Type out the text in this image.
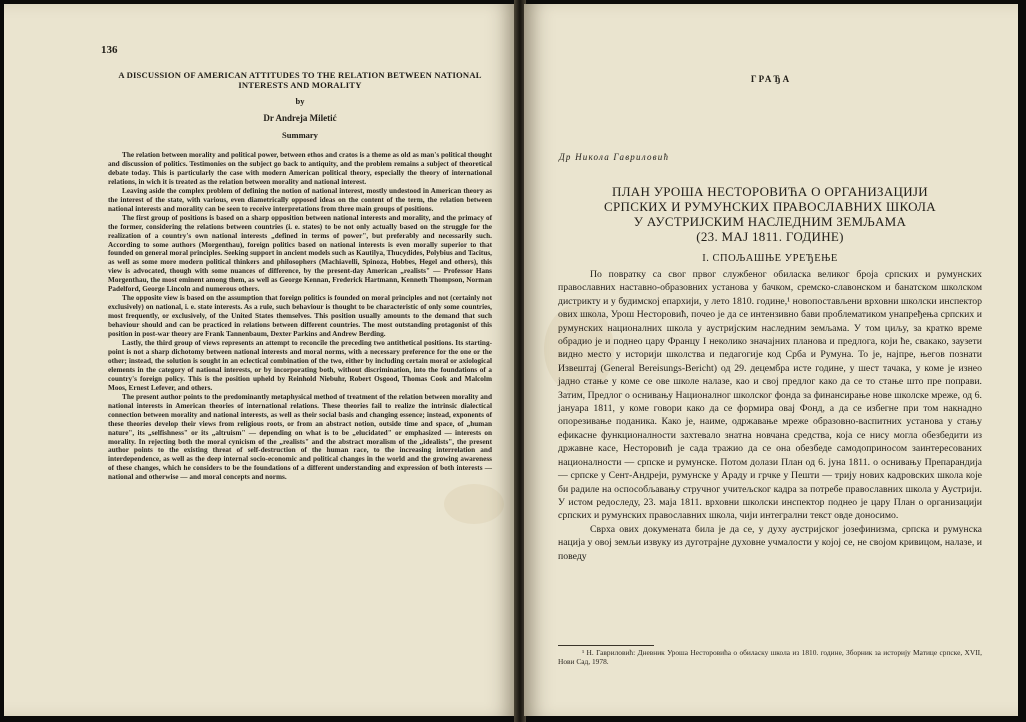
136
A DISCUSSION OF AMERICAN ATTITUDES TO THE RELATION BETWEEN NATIONAL INTERESTS AND MORALITY
by
Dr Andreja Miletić
Summary

The relation between morality and political power, between ethos and cratos is a theme as old as man's political thought and discussion of politics. Testimonies on the subject go back to antiquity, and the problem remains a subject of theoretical debate today. This is particularly the case with modern American political theory, especially the theory of international relations, in wich it is treated as the relation between morality and national interest.

Leaving aside the complex problem of defining the notion of national interest, mostly undestood in American theory as the interest of the state, with various, even diametrically opposed ideas on the content of the term, the relation between national interests and morality can be seen to receive interpretations from three main groups of positions.

The first group of positions is based on a sharp opposition between national interests and morality, and the primacy of the former, considering the relations between countries (i. e. states) to be not only actually based on the struggle for the realization of a country's own national interests „defined in terms of power", but preferably and necessarily such. According to some authors (Morgenthau), foreign politics based on national interests is even morally superior to that founded on general moral principles. Seeking support in ancient models such as Kautilya, Thucydides, Polybius and Tacitus, as well as some more modern political thinkers and philosophers (Machiavelli, Spinoza, Hobbes, Hegel and others), this view is advocated, though with some nuances of difference, by the present-day American „realists" — Professor Hans Morgenthau, the most eminent among them, as well as George Kennan, Frederick Hartmann, Kenneth Thompson, Norman Padelford, George Lincoln and numerous others.

The opposite view is based on the assumption that foreign politics is founded on moral principles and not (certainly not exclusively) on national, i. e. state interests. As a rule, such behaviour is thought to be characteristic of only some countries, most frequently, or exclusively, of the United States themselves. This position usually amounts to the demand that such behaviour should and can be practiced in relations between different countries. The most outstanding protagonist of this position in post-war theory are Frank Tannenbaum, Dexter Parkins and Andrew Berding.

Lastly, the third group of views represents an attempt to reconcile the preceding two antithetical positions. Its starting-point is not a sharp dichotomy between national interests and moral norms, with a necessary preference for the one or the other; instead, the solution is sought in an eclectical combination of the two, either by including certain moral or axiological elements in the category of national interests, or by incorporating both, without discrimination, into the foundations of a country's foreign policy. This is the position upheld by Reinhold Niebuhr, Robert Osgood, Thomas Cook and Malcolm Moos, Ernest Lefever, and others.

The present author points to the predominantly metaphysical method of treatment of the relation between morality and national interests in American theories of international relations. These theories fail to realize the intrinsic dialectical connection between morality and national interests, as well as their social basis and changing essence; instead, exponents of these theories develop their views from religious roots, or from an abstract notion, outside time and space, of „human nature", its „selfishness" or its „altruism" — depending on what is to be „elucidated" or emphasized — interests on morality. In rejecting both the moral cynicism of the „realists" and the abstract moralism of the „idealists", the present author points to the existing threat of self-destruction of the human race, to the increasing interrelation and interdependence, as well as the deep internal socio-economic and political changes in the world and the growing awareness of these changes, which he considers to be the foundations of a different understanding and expression of both interests — national and otherwise — and moral concepts and norms.

ГРАЂА
Др Никола Гавриловић
ПЛАН УРОША НЕСТОРОВИЋА О ОРГАНИЗАЦИЈИ
СРПСКИХ И РУМУНСКИХ ПРАВОСЛАВНИХ ШКОЛА
У АУСТРИЈСКИМ НАСЛЕДНИМ ЗЕМЉАМА
(23. МАЈ 1811. ГОДИНЕ)
I. СПОЉАШЊЕ УРЕЂЕЊЕ

По повратку са свог првог службеног обиласка великог броја српских и румунских православних наставно-образовних установа у бачком, сремско-славонском и банатском школском дистрикту и у будимској епархији, у лето 1810. године,¹ новопостављени врховни школски инспектор ових школа, Урош Несторовић, почео је да се интензивно бави проблематиком унапређења српских и румунских националних школа у аустријским наследним земљама. У том циљу, за кратко време обрадио је и поднео цару Францу I неколико значајних планова и предлога, који ће, свакако, заузети видно место у историји школства и педагогије код Срба и Румуна. То је, најпре, његов познати Извештај (General Bereisungs-Bericht) од 29. децембра исте године, у шест тачака, у коме је изнео јадно стање у коме се ове школе налазе, као и свој предлог како да се то стање што пре поправи. Затим, Предлог о оснивању Националног школског фонда за финансирање нове школске мреже, од 6. јануара 1811, у коме говори како да се формира овај Фонд, а да се избегне при том накнадно опорезивање поданика. Како је, наиме, одржавање мреже образовно-васпитних установа у стању ефикасне функционалности захтевало знатна новчана средства, која се нису могла обезбедити из државне касе, Несторовић је сада тражио да се она обезбеде самодоприносом заинтересованих националности — српске и румунске. Потом долази План од 6. јуна 1811. о оснивању Препарандија — српске у Сент-Андреји, румунске у Араду и грчке у Пешти — трију нових кадровских школа које би радиле на оспособљавању стручног учитељског кадра за потребе православних школа у Аустрији. У истом редоследу, 23. маја 1811. врховни школски инспектор поднео је цару План о организацији српских и румунских православних школа, чији интегрални текст овде доносимо.

Сврха ових докумената била је да се, у духу аустријског јозефинизма, српска и румунска нација у овој земљи извуку из дуготрајне духовне учмалости у којој се, не својом кривицом, налазе, и поведу

¹ Н. Гавриловић: Дневник Уроша Несторовића о обиласку школа из 1810. године, Зборник за историју Матице српске, XVII, Нови Сад, 1978.
